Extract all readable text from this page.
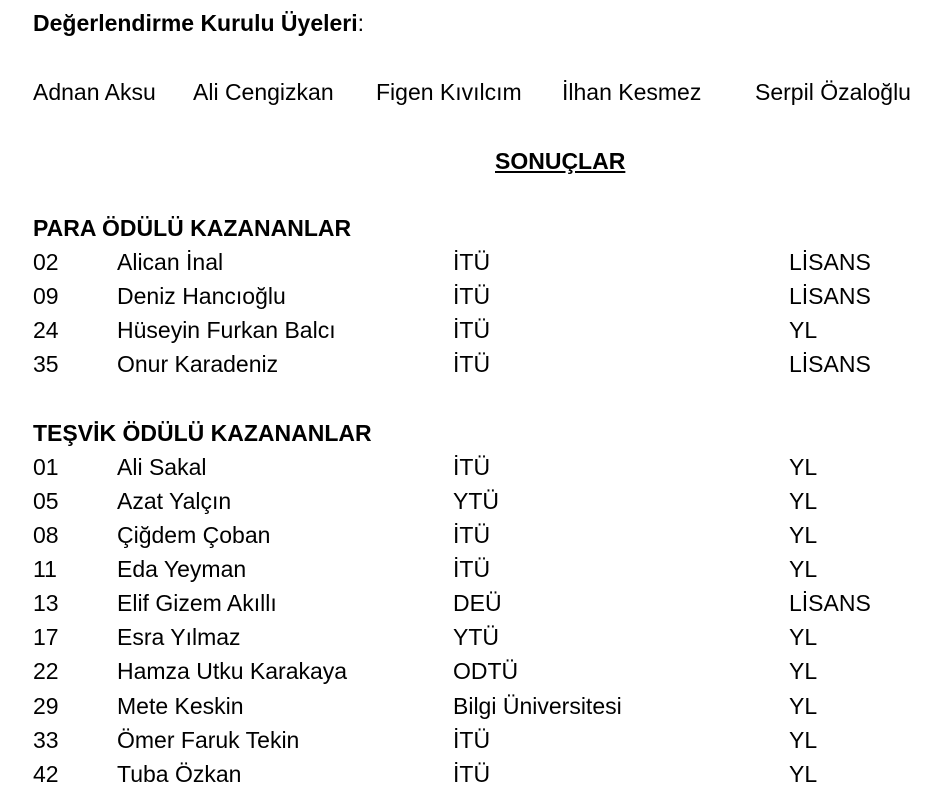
Değerlendirme Kurulu Üyeleri:
Adnan Aksu Ali Cengizkan Figen Kıvılcım İlhan Kesmez Serpil Özaloğlu
SONUÇLAR
PARA ÖDÜLÜ KAZANANLAR
02	Alican İnal	İTÜ	LİSANS
09	Deniz Hancıoğlu	İTÜ	LİSANS
24	Hüseyin Furkan Balcı	İTÜ	YL
35	Onur Karadeniz	İTÜ	LİSANS
TEŞVİK ÖDÜLÜ KAZANANLAR
01	Ali Sakal	İTÜ	YL
05	Azat Yalçın	YTÜ	YL
08	Çiğdem Çoban	İTÜ	YL
11	Eda Yeyman	İTÜ	YL
13	Elif Gizem Akıllı	DEÜ	LİSANS
17	Esra Yılmaz	YTÜ	YL
22	Hamza Utku Karakaya	ODTÜ	YL
29	Mete Keskin	Bilgi Üniversitesi	YL
33	Ömer Faruk Tekin	İTÜ	YL
42	Tuba Özkan	İTÜ	YL
